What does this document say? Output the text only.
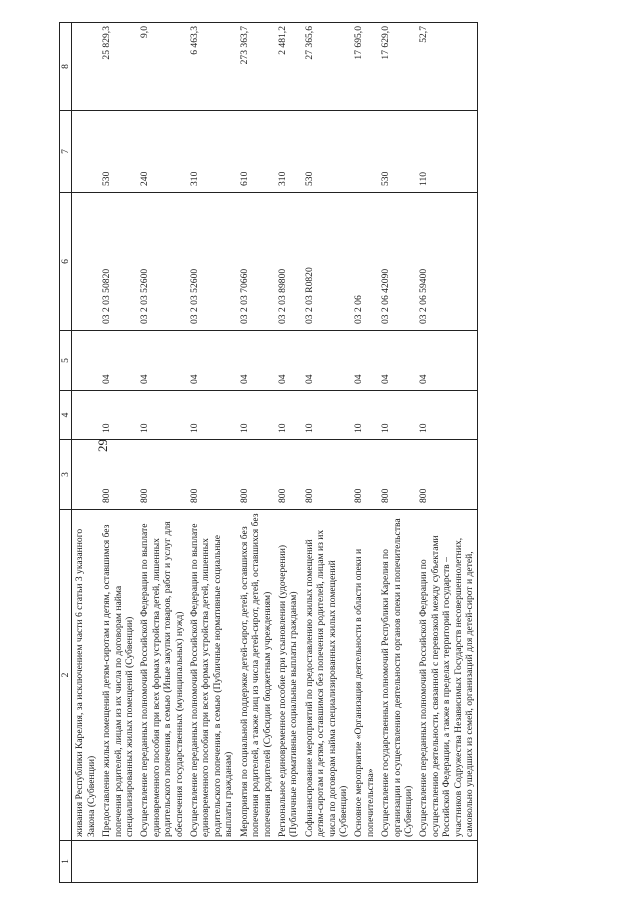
29
1	2	3	4	5	6	7	8
	живания Республики Карелия, за исключением части 6 статьи 3 указанного Закона (Субвенции)						
	Предоставление жилых помещений детям-сиротам и детям, оставшимся без попечения родителей, лицам из их числа по договорам найма специализированных жилых помещений (Субвенции)	800	10	04	03 2 03 50820	530	25 829,3
	Осуществление переданных полномочий Российской Федерации по выплате единовременного пособия при всех формах устройства детей, лишенных родительского попечения, в семью (Иные закупки товаров, работ и услуг для обеспечения государственных (муниципальных) нужд)	800	10	04	03 2 03 52600	240	9,0
	Осуществление переданных полномочий Российской Федерации по выплате единовременного пособия при всех формах устройства детей, лишенных родительского попечения, в семью (Публичные нормативные социальные выплаты гражданам)	800	10	04	03 2 03 52600	310	6 463,3
	Мероприятия по социальной поддержке детей-сирот, детей, оставшихся без попечения родителей, а также лиц из числа детей-сирот, детей, оставшихся без попечения родителей (Субсидии бюджетным учреждениям)	800	10	04	03 2 03 70660	610	273 363,7
	Региональное единовременное пособие при усыновлении (удочерении) (Публичные нормативные социальные выплаты гражданам)	800	10	04	03 2 03 89800	310	2 481,2
	Софинансирование мероприятий по предоставлению жилых помещений детям-сиротам и детям, оставшимся без попечения родителей, лицам из их числа по договорам найма специализированных жилых помещений (Субвенции)	800	10	04	03 2 03 R0820	530	27 365,6
	Основное мероприятие «Организация деятельности в области опеки и попечительства»	800	10	04	03 2 06		17 695,0
	Осуществление государственных полномочий Республики Карелия по организации и осуществлению деятельности органов опеки и попечительства (Субвенции)	800	10	04	03 2 06 42090	530	17 629,0
	Осуществление переданных полномочий Российской Федерации по осуществлению деятельности, связанной с перевозкой между субъектами Российской Федерации, а также в пределах территорий государств – участников Содружества Независимых Государств несовершеннолетних, самовольно ушедших из семей, организаций для детей-сирот и детей,	800	10	04	03 2 06 59400	110	52,7
